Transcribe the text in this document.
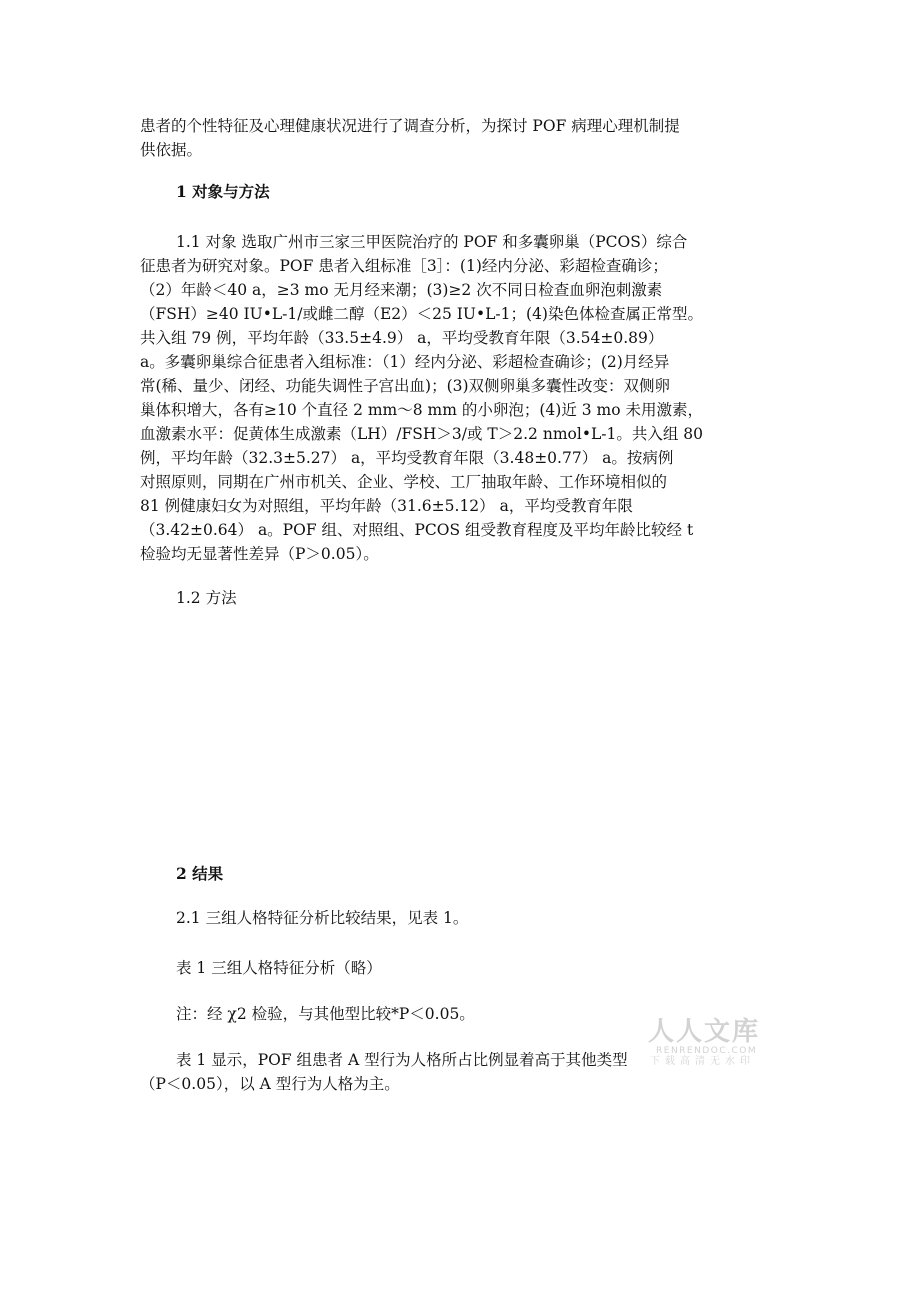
患者的个性特征及心理健康状况进行了调查分析，为探讨 POF 病理心理机制提
供依据。

1 对象与方法

1.1 对象 选取广州市三家三甲医院治疗的 POF 和多囊卵巢（PCOS）综合
征患者为研究对象。POF 患者入组标准［3］：(1)经内分泌、彩超检查确诊；
（2）年龄＜40 a，≥3 mo 无月经来潮；(3)≥2 次不同日检查血卵泡刺激素
（FSH）≥40 IU•L-1/或雌二醇（E2）＜25 IU•L-1；(4)染色体检查属正常型。
共入组 79 例，平均年龄（33.5±4.9） a，平均受教育年限（3.54±0.89）
a。多囊卵巢综合征患者入组标准：（1）经内分泌、彩超检查确诊；(2)月经异
常(稀、量少、闭经、功能失调性子宫出血)；(3)双侧卵巢多囊性改变：双侧卵
巢体积增大，各有≥10 个直径 2 mm～8 mm 的小卵泡；(4)近 3 mo 未用激素，
血激素水平：促黄体生成激素（LH）/FSH＞3/或 T＞2.2 nmol•L-1。共入组 80
例，平均年龄（32.3±5.27） a，平均受教育年限（3.48±0.77） a。按病例
对照原则，同期在广州市机关、企业、学校、工厂抽取年龄、工作环境相似的
81 例健康妇女为对照组，平均年龄（31.6±5.12） a，平均受教育年限
（3.42±0.64） a。POF 组、对照组、PCOS 组受教育程度及平均年龄比较经 t
检验均无显著性差异（P＞0.05）。

1.2 方法

2 结果

2.1 三组人格特征分析比较结果，见表 1。

表 1 三组人格特征分析（略）

注：经 χ2 检验，与其他型比较*P＜0.05。

表 1 显示，POF 组患者 A 型行为人格所占比例显着高于其他类型
（P＜0.05），以 A 型行为人格为主。
人人文库
RENRENDOC.COM
下载高清无水印
